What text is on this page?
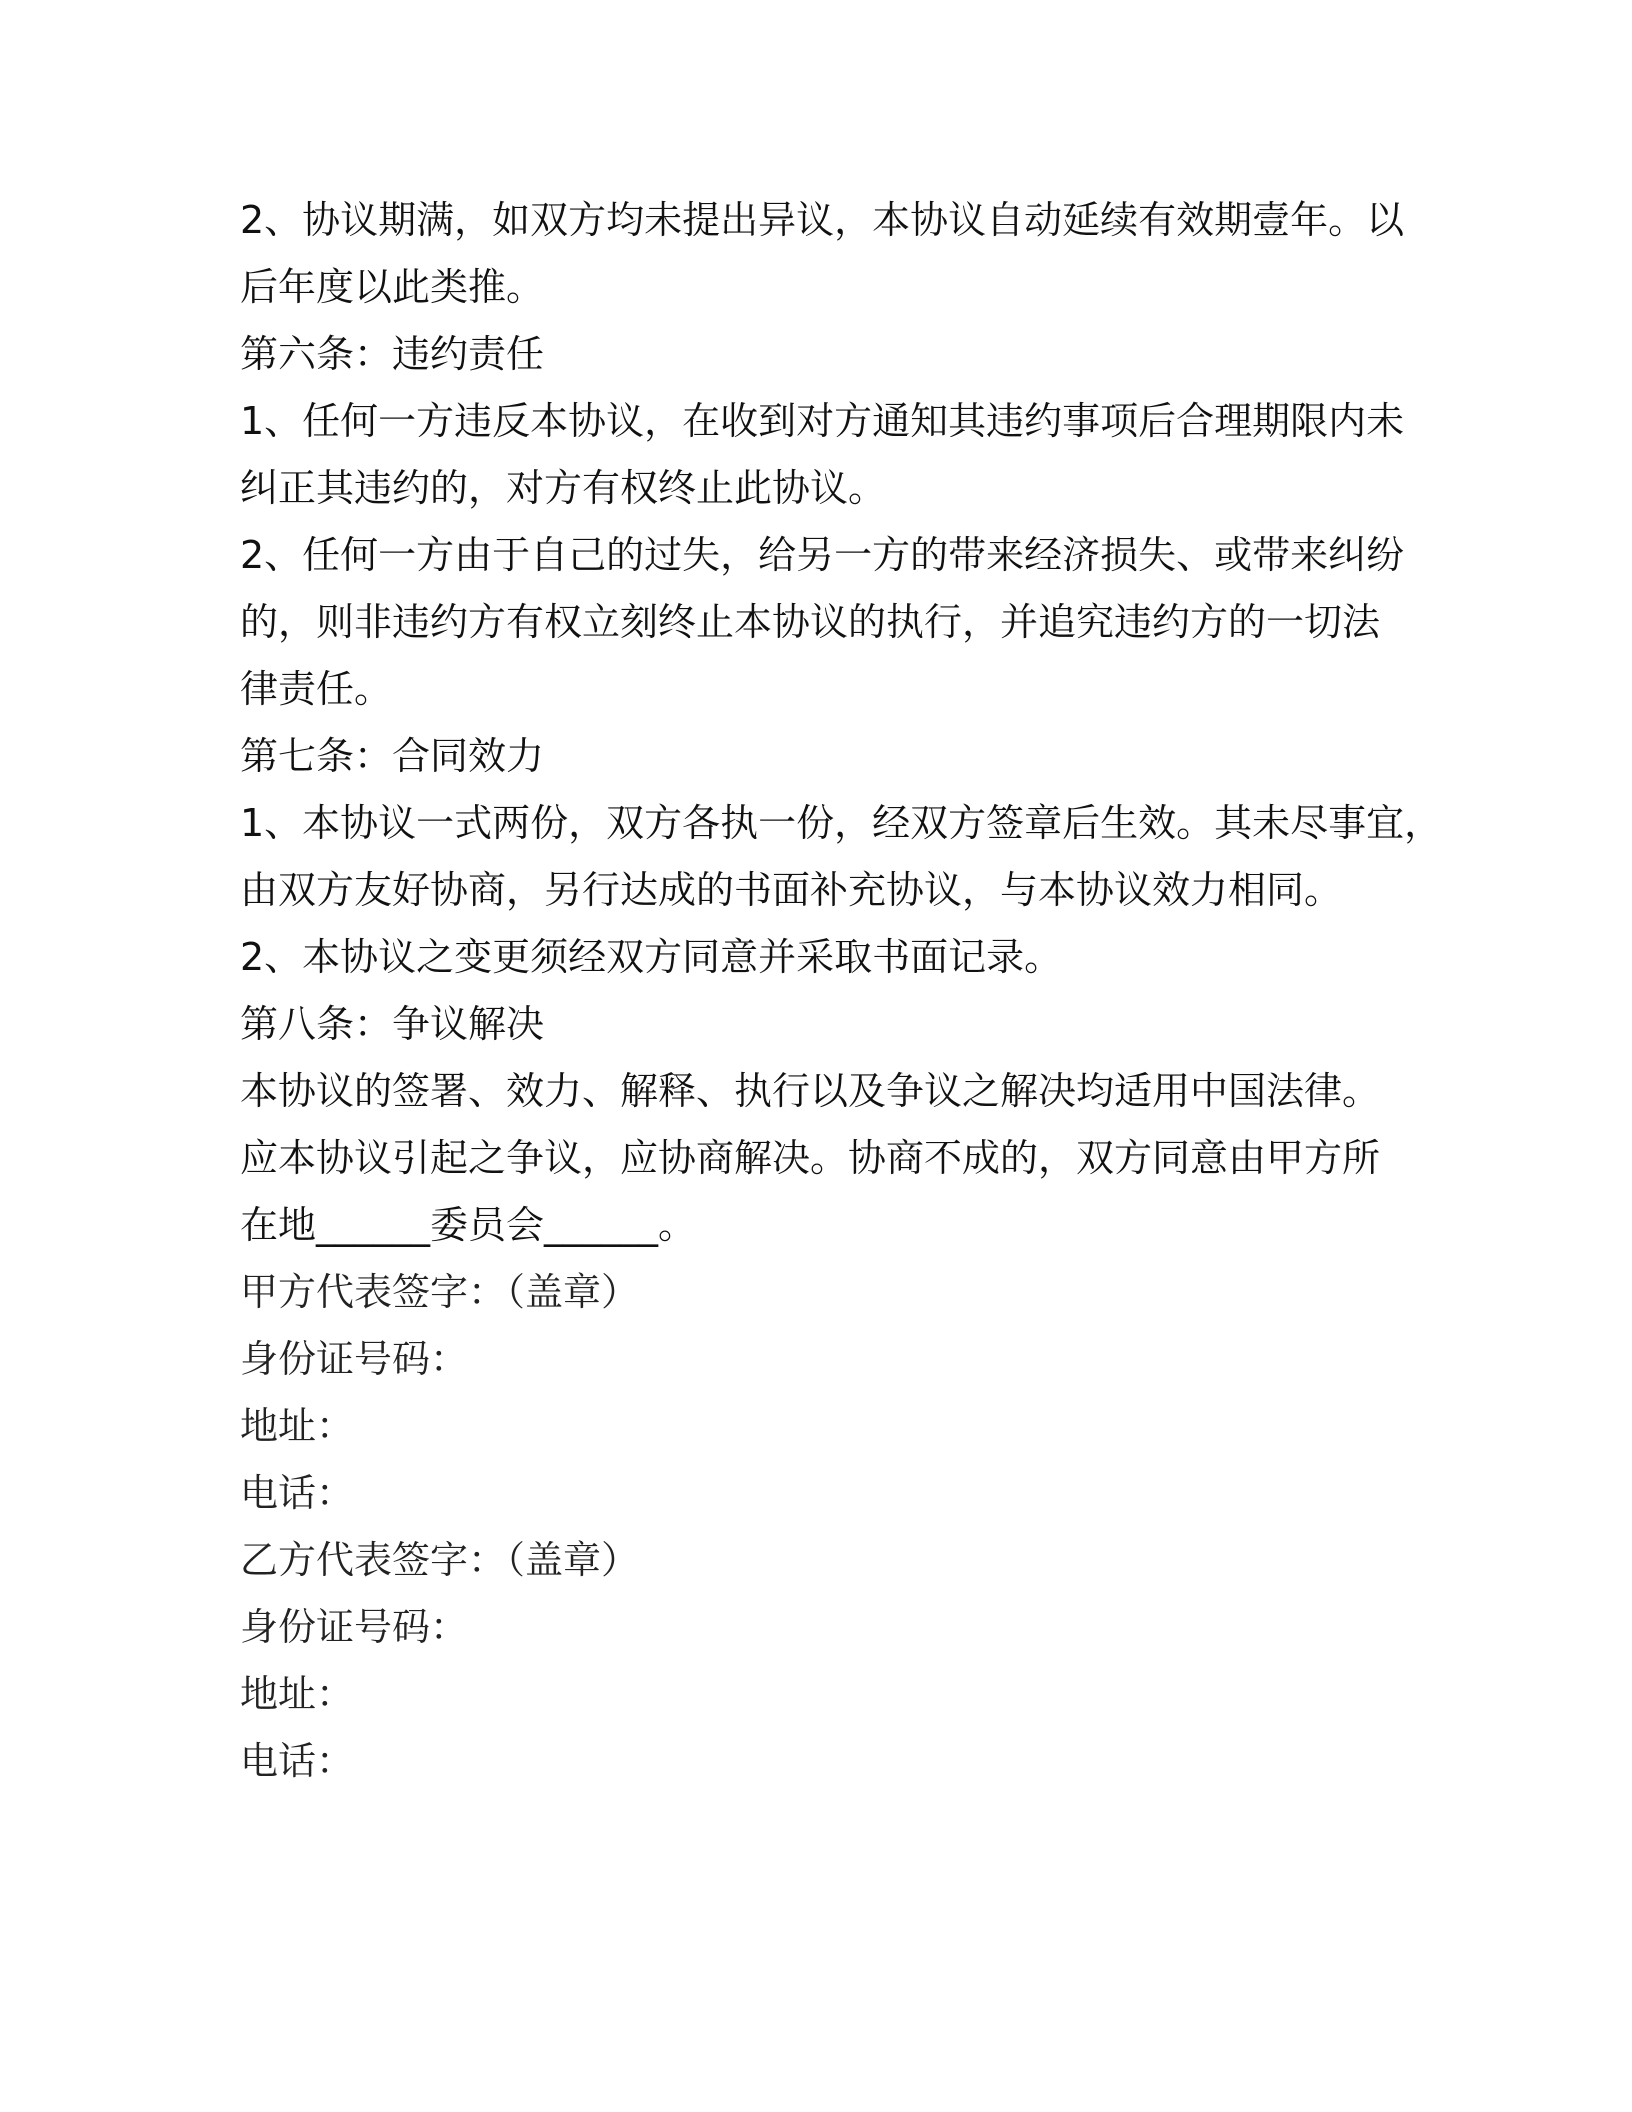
2、协议期满，如双方均未提出异议，本协议自动延续有效期壹年。以
后年度以此类推。
第六条：违约责任
1、任何一方违反本协议，在收到对方通知其违约事项后合理期限内未
纠正其违约的，对方有权终止此协议。
2、任何一方由于自己的过失，给另一方的带来经济损失、或带来纠纷
的，则非违约方有权立刻终止本协议的执行，并追究违约方的一切法
律责任。
第七条：合同效力
1、本协议一式两份，双方各执一份，经双方签章后生效。其未尽事宜，
由双方友好协商，另行达成的书面补充协议，与本协议效力相同。
2、本协议之变更须经双方同意并采取书面记录。
第八条：争议解决
本协议的签署、效力、解释、执行以及争议之解决均适用中国法律。
应本协议引起之争议，应协商解决。协商不成的，双方同意由甲方所
在地______委员会______。
甲方代表签字：（盖章）
身份证号码：
地址：
电话：
乙方代表签字：（盖章）
身份证号码：
地址：
电话：
